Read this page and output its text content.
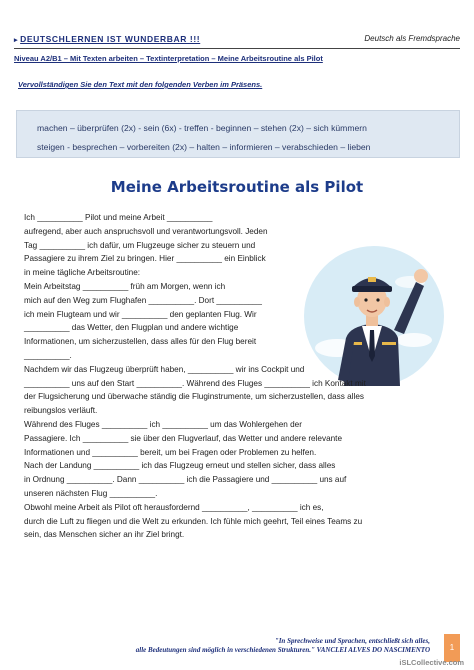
▸ DEUTSCHLERNEN IST WUNDERBAR !!!	Deutsch als Fremdsprache
Niveau A2/B1 – Mit Texten arbeiten – Textinterpretation – Meine Arbeitsroutine als Pilot
Vervollständigen Sie den Text mit den folgenden Verben im Präsens.
machen – überprüfen (2x) - sein (6x) - treffen - beginnen – stehen (2x) – sich kümmern
steigen - besprechen – vorbereiten (2x) – halten – informieren – verabschieden – lieben
Meine Arbeitsroutine als Pilot

Ich __________ Pilot und meine Arbeit __________
aufregend, aber auch anspruchsvoll und verantwortungsvoll. Jeden
Tag __________ ich dafür, um Flugzeuge sicher zu steuern und
Passagiere zu ihrem Ziel zu bringen. Hier __________ ein Einblick
in meine tägliche Arbeitsroutine:

Mein Arbeitstag __________ früh am Morgen, wenn ich
mich auf den Weg zum Flughafen __________. Dort __________
ich mein Flugteam und wir __________ den geplanten Flug. Wir
__________ das Wetter, den Flugplan und andere wichtige
Informationen, um sicherzustellen, dass alles für den Flug bereit
__________.

Nachdem wir das Flugzeug überprüft haben, __________ wir ins Cockpit und
__________ uns auf den Start __________. Während des Fluges __________ ich Kontakt mit
der Flugsicherung und überwache ständig die Fluginstrumente, um sicherzustellen, dass alles
reibungslos verläuft.

Während des Fluges __________ ich __________ um das Wohlergehen der
Passagiere. Ich __________ sie über den Flugverlauf, das Wetter und andere relevante
Informationen und __________ bereit, um bei Fragen oder Problemen zu helfen.

Nach der Landung __________ ich das Flugzeug erneut und stellen sicher, dass alles
in Ordnung __________. Dann __________ ich die Passagiere und __________ uns auf
unseren nächsten Flug __________.

Obwohl meine Arbeit als Pilot oft herausfordernd __________, __________ ich es,
durch die Luft zu fliegen und die Welt zu erkunden. Ich fühle mich geehrt, Teil eines Teams zu
sein, das Menschen sicher an ihr Ziel bringt.

"In Sprechweise und Sprachen, entschließt sich alles,
alle Bedeutungen sind möglich in verschiedenen Strukturen." VANCLEI ALVES DO NASCIMENTO	1
iSLCollective.com
